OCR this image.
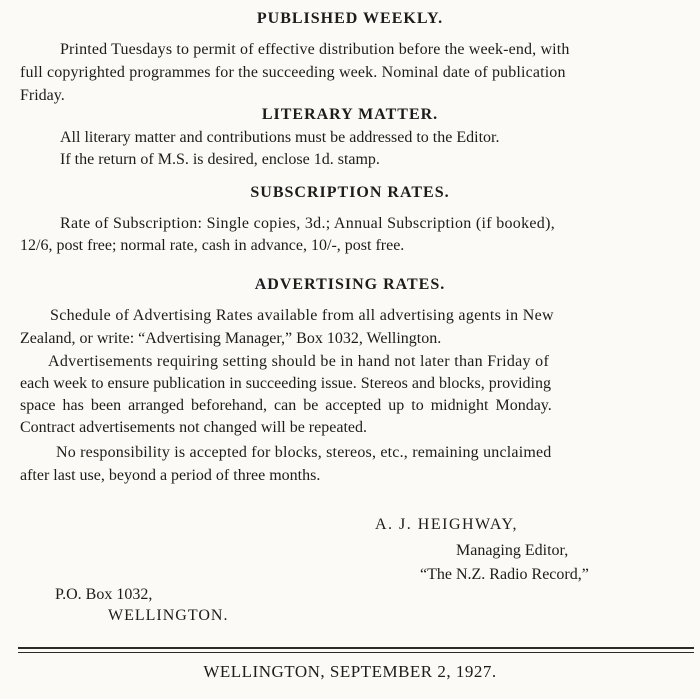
PUBLISHED WEEKLY.
Printed Tuesdays to permit of effective distribution before the week-end, with
full copyrighted programmes for the succeeding week. Nominal date of publication
Friday.
LITERARY MATTER.
All literary matter and contributions must be addressed to the Editor.
If the return of M.S. is desired, enclose 1d. stamp.
SUBSCRIPTION RATES.
Rate of Subscription: Single copies, 3d.; Annual Subscription (if booked),
12/6, post free; normal rate, cash in advance, 10/-, post free.
ADVERTISING RATES.
Schedule of Advertising Rates available from all advertising agents in New
Zealand, or write: “Advertising Manager,” Box 1032, Wellington.
Advertisements requiring setting should be in hand not later than Friday of
each week to ensure publication in succeeding issue. Stereos and blocks, providing
space has been arranged beforehand, can be accepted up to midnight Monday.
Contract advertisements not changed will be repeated.
No responsibility is accepted for blocks, stereos, etc., remaining unclaimed
after last use, beyond a period of three months.
A. J. HEIGHWAY,
Managing Editor,
“The N.Z. Radio Record,”
P.O. Box 1032,
WELLINGTON.
WELLINGTON, SEPTEMBER 2, 1927.
